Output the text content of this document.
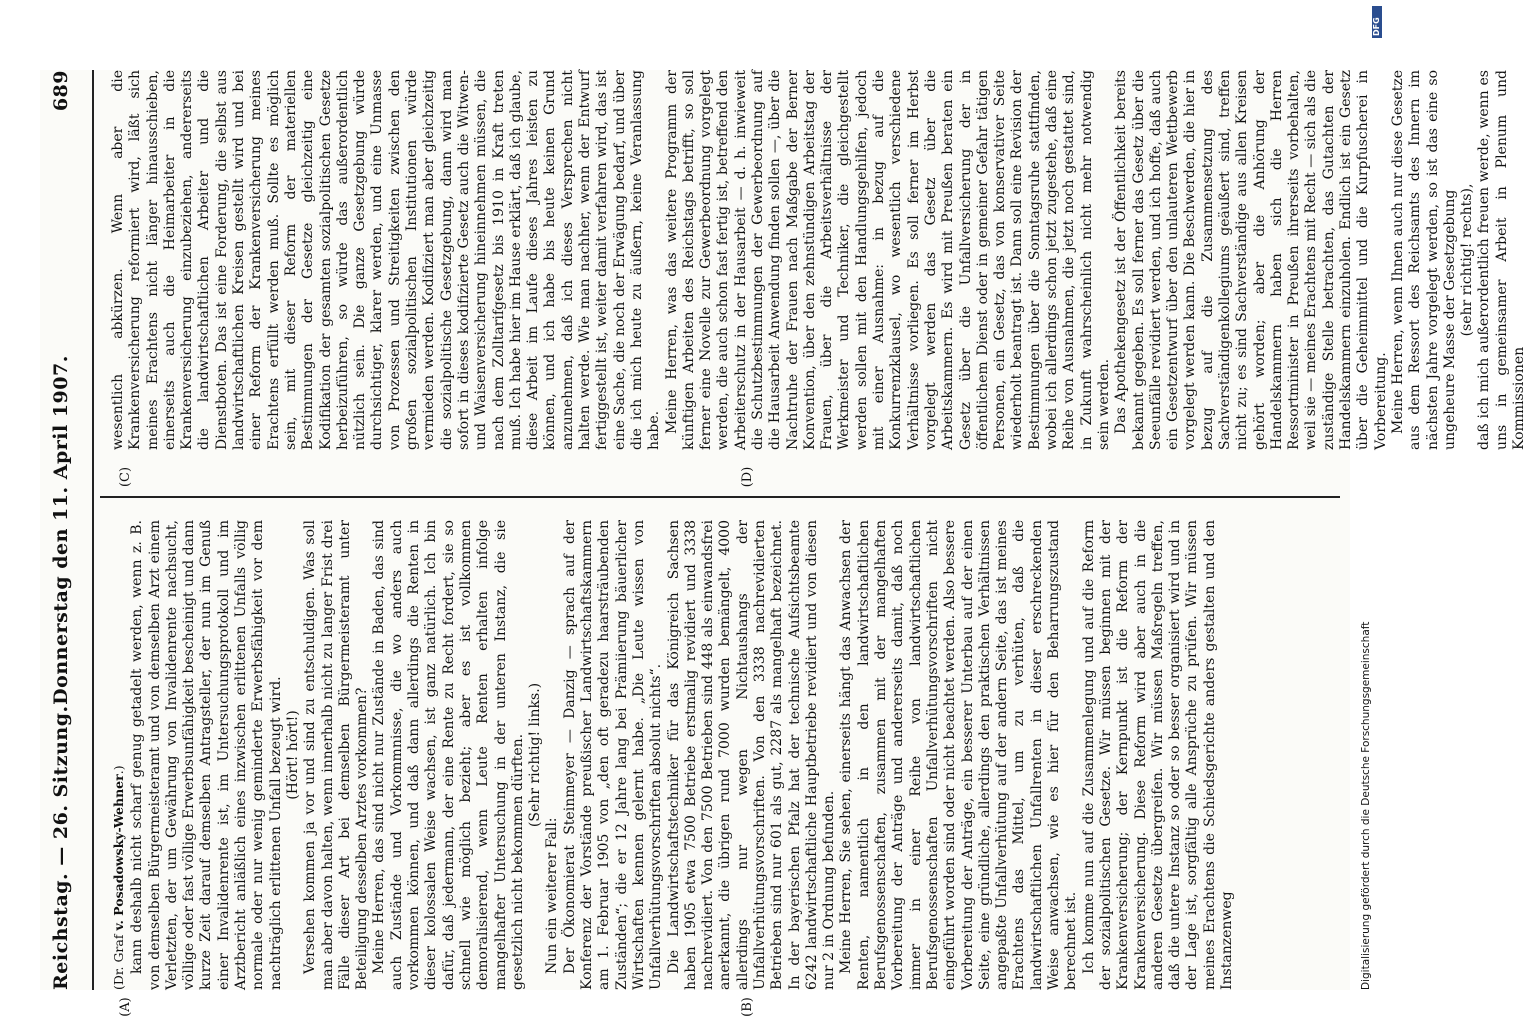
Reichstag. — 26. Sitzung.
Donnerstag den 11. April 1907.
689
(A)	(B)
(C)	(D)
(Dr. Graf v. Posadowsky-Wehner.) kann deshalb nicht scharf genug getadelt werden, wenn z. B. von demselben Bürgermeisteramt und von demselben Arzt einem Verletzten, der um Gewährung von Invalidenrente nachsucht, völlige oder fast völlige Erwerbsunfähigkeit bescheinigt und dann kurze Zeit darauf demselben Antragsteller, der nun im Genuß einer Invalidenrente ist, im Untersuchungsprotokoll und im Arztbericht anläßlich eines inzwischen erlittenen Unfalls völlig normale oder nur wenig geminderte Erwerbsfähigkeit vor dem nachträglich erlittenen Unfall bezeugt wird. (Hört! hört!) Versehen kommen ja vor und sind zu entschuldigen. Was soll man aber davon halten, wenn innerhalb nicht zu langer Frist drei Fälle dieser Art bei demselben Bürgermeisteramt unter Beteiligung desselben Arztes vorkommen? Meine Herren, das sind nicht nur Zustände in Baden, das sind auch Zustände und Vorkommnisse, die wo anders auch vorkommen können, und daß dann allerdings die Renten in dieser kolossalen Weise wachsen, ist ganz natürlich. Ich bin dafür, daß jedermann, der eine Rente zu Recht fordert, sie so schnell wie möglich bezieht; aber es ist vollkommen demoralisierend, wenn Leute Renten erhalten infolge mangelhafter Untersuchung in der unteren Instanz, die sie gesetzlich nicht bekommen dürften. (Sehr richtig! links.)

Nun ein weiterer Fall: Der Ökonomierat Steinmeyer — Danzig — sprach auf der Konferenz der Vorstände preußischer Landwirtschaftskammern am 1. Februar 1905 von „den oft geradezu haarsträubenden Zuständen“; die er 12 Jahre lang bei Prämiierung bäuerlicher Wirtschaften kennen gelernt habe. „Die Leute wissen von Unfallverhütungsvorschriften absolut nichts“. Die Landwirtschaftstechniker für das Königreich Sachsen haben 1905 etwa 7500 Betriebe erstmalig revidiert und 3338 nachrevidiert. Von den 7500 Betrieben sind 448 als einwandsfrei anerkannt, die übrigen rund 7000 wurden bemängelt, 4000 allerdings nur wegen Nichtaushangs der Unfallverhütungsvorschriften. Von den 3338 nachrevidierten Betrieben sind nur 601 als gut, 2287 als mangelhaft bezeichnet. In der bayerischen Pfalz hat der technische Aufsichtsbeamte 6242 landwirtschaftliche Hauptbetriebe revidiert und von diesen nur 2 in Ordnung befunden. Meine Herren, Sie sehen, einerseits hängt das Anwachsen der Renten, namentlich in den landwirtschaftlichen Berufsgenossenschaften, zusammen mit der mangelhaften Vorbereitung der Anträge und andererseits damit, daß noch immer in einer Reihe von landwirtschaftlichen Berufsgenossenschaften Unfallverhütungsvorschriften nicht eingeführt worden sind oder nicht beachtet werden. Also bessere Vorbereitung der Anträge, ein besserer Unterbau auf der einen Seite, eine gründliche, allerdings den praktischen Verhältnissen angepaßte Unfallverhütung auf der andern Seite, das ist meines Erachtens das Mittel, um zu verhüten, daß die landwirtschaftlichen Unfallrenten in dieser erschreckenden Weise anwachsen, wie es hier für den Beharrungszustand berechnet ist. Ich komme nun auf die Zusammenlegung und auf die Reform der sozialpolitischen Gesetze. Wir müssen beginnen mit der Krankenversicherung; der Kernpunkt ist die Reform der Krankenversicherung. Diese Reform wird aber auch in die anderen Gesetze übergreifen. Wir müssen Maßregeln treffen, daß die untere Instanz so oder so besser organisiert wird und in der Lage ist, sorgfältig alle Ansprüche zu prüfen. Wir müssen meines Erachtens die Schiedsgerichte anders gestalten und den Instanzenweg

wesentlich abkürzen. Wenn aber die Krankenversicherung reformiert wird, läßt sich meines Erachtens nicht länger hinausschieben, einerseits auch die Heimarbeiter in die Krankenversicherung einzubeziehen, andererseits die landwirtschaftlichen Arbeiter und die Dienstboten. Das ist eine Forderung, die selbst aus landwirtschaftlichen Kreisen gestellt wird und bei einer Reform der Krankenversicherung meines Erachtens erfüllt werden muß. Sollte es möglich sein, mit dieser Reform der materiellen Bestimmungen der Gesetze gleichzeitig eine Kodifikation der gesamten sozialpolitischen Gesetze herbeizuführen, so würde das außerordentlich nützlich sein. Die ganze Gesetzgebung würde durchsichtiger, klarer werden, und eine Unmasse von Prozessen und Streitigkeiten zwischen den großen sozialpolitischen Institutionen würde vermieden werden. Kodifiziert man aber gleichzeitig die sozialpolitische Gesetzgebung, dann wird man sofort in dieses kodifizierte Gesetz auch die Witwen- und Waisenversicherung hineinnehmen müssen, die nach dem Zolltarifgesetz bis 1910 in Kraft treten muß. Ich habe hier im Hause erklärt, daß ich glaube, diese Arbeit im Laufe dieses Jahres leisten zu können, und ich habe bis heute keinen Grund anzunehmen, daß ich dieses Versprechen nicht halten werde. Wie man nachher, wenn der Entwurf fertiggestellt ist, weiter damit verfahren wird, das ist eine Sache, die noch der Erwägung bedarf, und über die ich mich heute zu äußern, keine Veranlassung habe. Meine Herren, was das weitere Programm der künftigen Arbeiten des Reichstags betrifft, so soll ferner eine Novelle zur Gewerbeordnung vorgelegt werden, die auch schon fast fertig ist, betreffend den Arbeiterschutz in der Hausarbeit — d. h. inwieweit die Schutzbestimmungen der Gewerbeordnung auf die Hausarbeit Anwendung finden sollen —, über die Nachtruhe der Frauen nach Maßgabe der Berner Konvention, über den zehnstündigen Arbeitstag der Frauen, über die Arbeitsverhältnisse der Werkmeister und Techniker, die gleichgestellt werden sollen mit den Handlungsgehilfen, jedoch mit einer Ausnahme: in bezug auf die Konkurrenzklausel, wo wesentlich verschiedene Verhältnisse vorliegen. Es soll ferner im Herbst vorgelegt werden das Gesetz über die Arbeitskammern. Es wird mit Preußen beraten ein Gesetz über die Unfallversicherung der in öffentlichem Dienst oder in gemeiner Gefahr tätigen Personen, ein Gesetz, das von konservativer Seite wiederholt beantragt ist. Dann soll eine Revision der Bestimmungen über die Sonntagsruhe stattfinden, wobei ich allerdings schon jetzt zugestehe, daß eine Reihe von Ausnahmen, die jetzt noch gestattet sind, in Zukunft wahrscheinlich nicht mehr notwendig sein werden. Das Apothekengesetz ist der Öffentlichkeit bereits bekannt gegeben. Es soll ferner das Gesetz über die Seeunfälle revidiert werden, und ich hoffe, daß auch ein Gesetzentwurf über den unlauteren Wettbewerb vorgelegt werden kann. Die Beschwerden, die hier in bezug auf die Zusammensetzung des Sachverständigenkollegiums geäußert sind, treffen nicht zu; es sind Sachverständige aus allen Kreisen gehört worden; aber die Anhörung der Handelskammern haben sich die Herren Ressortminister in Preußen ihrerseits vorbehalten, weil sie — meines Erachtens mit Recht — sich als die zuständige Stelle betrachten, das Gutachten der Handelskammern einzuholen. Endlich ist ein Gesetz über die Geheimmittel und die Kurpfuscherei in Vorbereitung. Meine Herren, wenn Ihnen auch nur diese Gesetze aus dem Ressort des Reichsamts des Innern im nächsten Jahre vorgelegt werden, so ist das eine so ungeheure Masse der Gesetzgebung (sehr richtig! rechts), daß ich mich außerordentlich freuen werde, wenn es uns in gemeinsamer Arbeit in Plenum und Kommissionen

Digitalisierung gefördert durch die Deutsche Forschungsgemeinschaft
DFG
